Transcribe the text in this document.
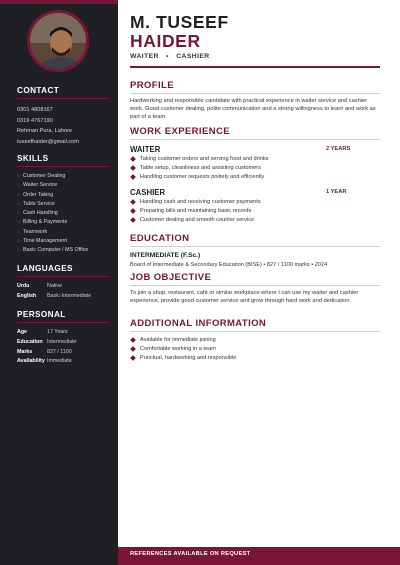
CONTACT
0301 4808167
0319 4767190
Rehman Pura, Lahore
tuseefhaider@gmail.com
SKILLS
◇ Customer Dealing
◇ Waiter Service
◇ Order Taking
◇ Table Service
◇ Cash Handling
◇ Billing & Payments
◇ Teamwork
◇ Time Management
◇ Basic Computer / MS Office
LANGUAGES
Urdu	Native
English	Basic-Intermediate
PERSONAL
Age	17 Years
Education Intermediate
Marks	827 / 1100
Availability Immediate
M. TUSEEF
HAIDER
WAITER • CASHIER
PROFILE
Hardworking and responsible candidate with practical experience in waiter service and cashier work. Good customer dealing, polite communication and a strong willingness to learn and work as part of a team.
WORK EXPERIENCE
WAITER	2 YEARS
Taking customer orders and serving food and drinks
Table setup, cleanliness and assisting customers
Handling customer requests politely and efficiently
CASHIER	1 YEAR
Handling cash and receiving customer payments
Preparing bills and maintaining basic records
Customer dealing and smooth counter service
EDUCATION
INTERMEDIATE (F.Sc.)
Board of Intermediate & Secondary Education (BISE) • 827 / 1100 marks • 2024
JOB OBJECTIVE
To join a shop, restaurant, café or similar workplace where I can use my waiter and cashier experience, provide good customer service and grow through hard work and dedication.
ADDITIONAL INFORMATION
Available for immediate joining
Comfortable working in a team
Punctual, hardworking and responsible
REFERENCES AVAILABLE ON REQUEST
